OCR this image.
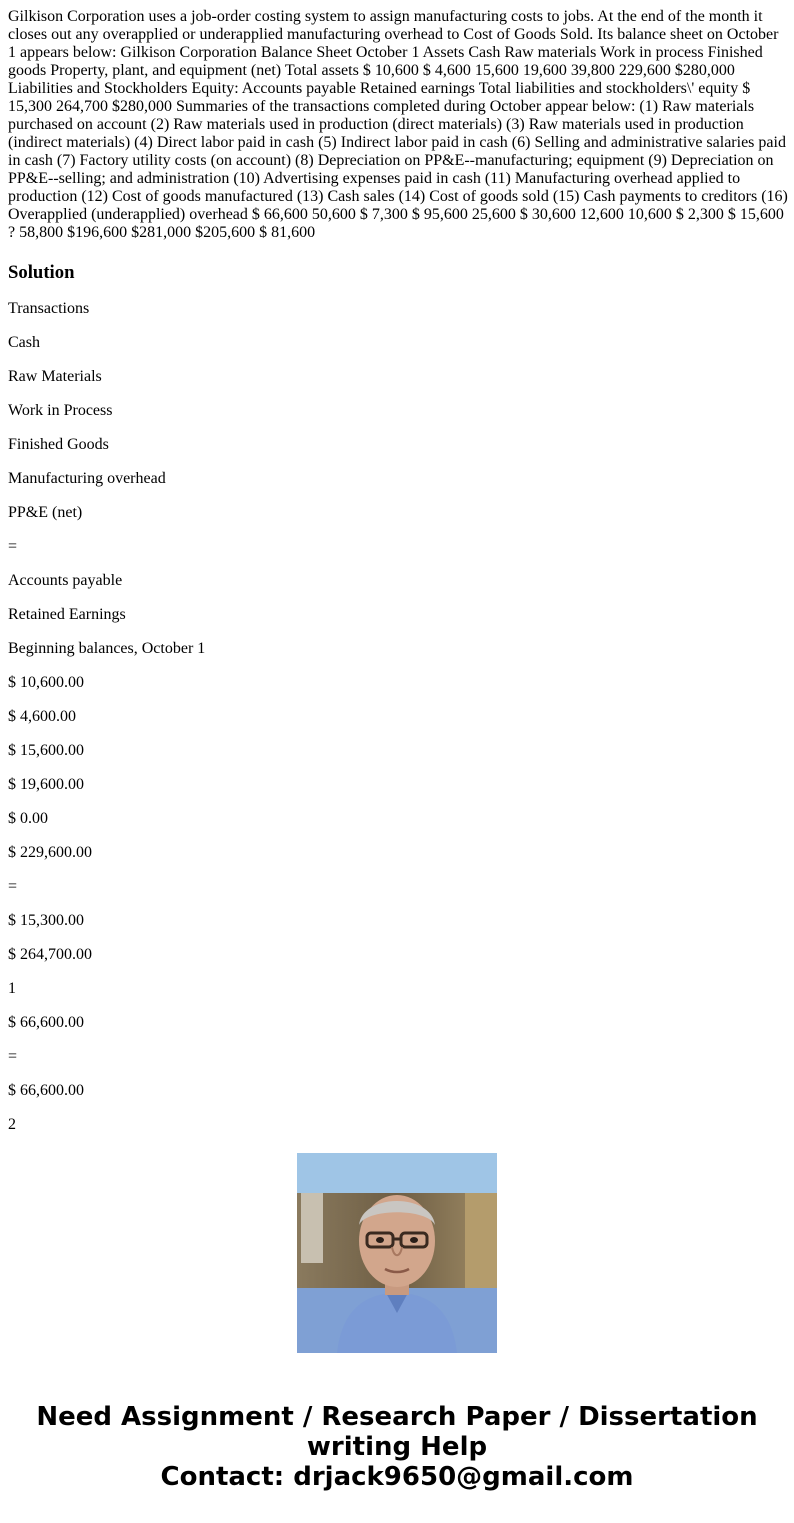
Gilkison Corporation uses a job-order costing system to assign manufacturing costs to jobs. At the end of the month it closes out any overapplied or underapplied manufacturing overhead to Cost of Goods Sold. Its balance sheet on October 1 appears below: Gilkison Corporation Balance Sheet October 1 Assets Cash Raw materials Work in process Finished goods Property, plant, and equipment (net) Total assets $ 10,600 $ 4,600 15,600 19,600 39,800 229,600 $280,000 Liabilities and Stockholders Equity: Accounts payable Retained earnings Total liabilities and stockholders\' equity $ 15,300 264,700 $280,000 Summaries of the transactions completed during October appear below: (1) Raw materials purchased on account (2) Raw materials used in production (direct materials) (3) Raw materials used in production (indirect materials) (4) Direct labor paid in cash (5) Indirect labor paid in cash (6) Selling and administrative salaries paid in cash (7) Factory utility costs (on account) (8) Depreciation on PP&E--manufacturing; equipment (9) Depreciation on PP&E--selling; and administration (10) Advertising expenses paid in cash (11) Manufacturing overhead applied to production (12) Cost of goods manufactured (13) Cash sales (14) Cost of goods sold (15) Cash payments to creditors (16) Overapplied (underapplied) overhead $ 66,600 50,600 $ 7,300 $ 95,600 25,600 $ 30,600 12,600 10,600 $ 2,300 $ 15,600 ? 58,800 $196,600 $281,000 $205,600 $ 81,600

Solution

Transactions

Cash

Raw Materials

Work in Process

Finished Goods

Manufacturing overhead

PP&E (net)

=

Accounts payable

Retained Earnings

Beginning balances, October 1

$ 10,600.00

$ 4,600.00

$ 15,600.00

$ 19,600.00

$ 0.00

$ 229,600.00

=

$ 15,300.00

$ 264,700.00

1

$ 66,600.00

=

$ 66,600.00

2

Need Assignment / Research Paper / Dissertation
writing Help
Contact: drjack9650@gmail.com
